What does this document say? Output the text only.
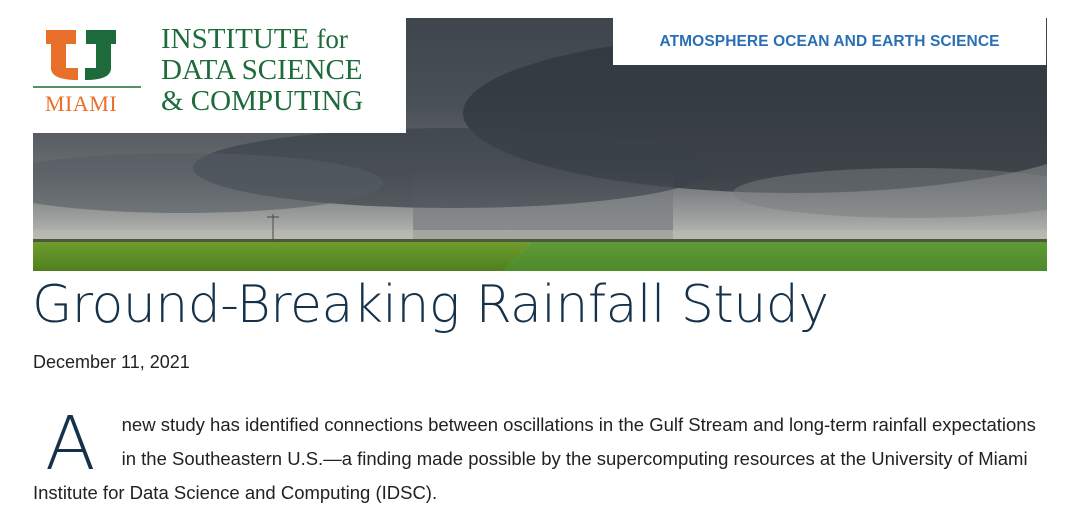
MIAMI
INSTITUTE for
DATA SCIENCE
& COMPUTING
ATMOSPHERE OCEAN AND EARTH SCIENCE
Ground-Breaking Rainfall Study
December 11, 2021

A new study has identified connections between oscillations in the Gulf Stream and long-term rainfall expectations in the Southeastern U.S.—a finding made possible by the supercomputing resources at the University of Miami Institute for Data Science and Computing (IDSC).
